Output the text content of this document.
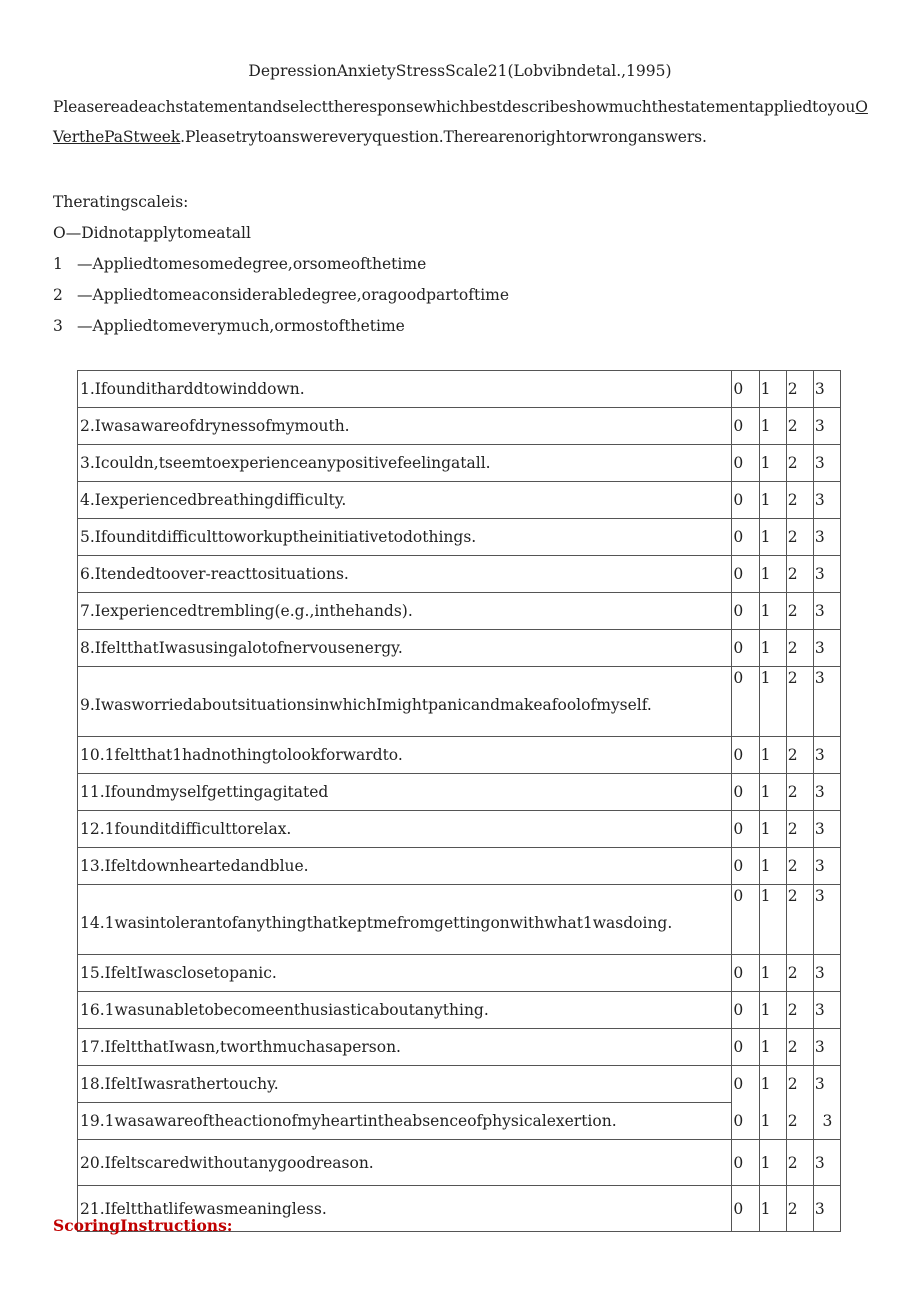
DepressionAnxietyStressScale21(Lobvibndetal.,1995)
PleasereadeachstatementandselecttheresponsewhichbestdescribeshowmuchthestatementappliedtoyouOVerthePaStweek.Pleasetrytoanswereveryquestion.Therearenorightorwronganswers.
Theratingscaleis:
O—Didnotapplytomeatall
1 —Appliedtomesomedegree,orsomeofthetime
2 —Appliedtomeaconsiderabledegree,oragoodpartoftime
3 —Appliedtomeverymuch,ormostofthetime
1.Ifounditharddtowinddown.	0	1	2	3
2.Iwasawareofdrynessofmymouth.	0	1	2	3
3.Icouldn,tseemtoexperienceanypositivefeelingatall.	0	1	2	3
4.Iexperiencedbreathingdifficulty.	0	1	2	3
5.Ifounditdifficulttoworkuptheinitiativetodothings.	0	1	2	3
6.Itendedtoover-reacttosituations.	0	1	2	3
7.Iexperiencedtrembling(e.g.,inthehands).	0	1	2	3
8.IfeltthatIwasusingalotofnervousenergy.	0	1	2	3
9.IwasworriedaboutsituationsinwhichImightpanicandmakeafoolofmyself.	0	1	2	3
10.1feltthat1hadnothingtolookforwardto.	0	1	2	3
11.Ifoundmyselfgettingagitated	0	1	2	3
12.1founditdifficulttorelax.	0	1	2	3
13.Ifeltdownheartedandblue.	0	1	2	3
14.1wasintolerantofanythingthatkeptmefromgettingonwithwhat1wasdoing.	0	1	2	3
15.IfeltIwasclosetopanic.	0	1	2	3
16.1wasunabletobecomeenthusiasticaboutanything.	0	1	2	3
17.IfeltthatIwasn,tworthmuchasaperson.	0	1	2	3
18.IfeltIwasrathertouchy.	0	1	2	3
19.1wasawareoftheactionofmyheartintheabsenceofphysicalexertion.	0	1	2	3
20.Ifeltscaredwithoutanygoodreason.	0	1	2	3
21.Ifeltthatlifewasmeaningless.	0	1	2	3
ScoringInstructions:
